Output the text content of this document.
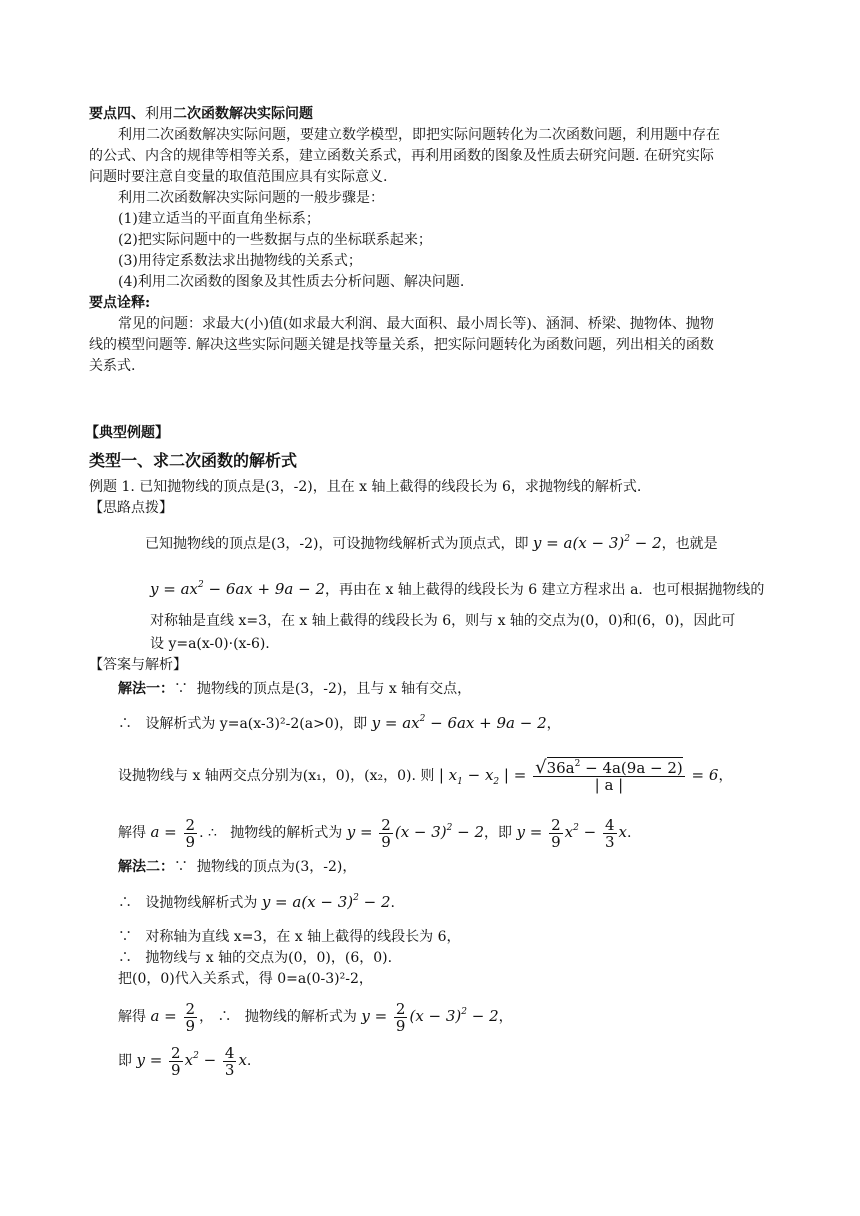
要点四、利用二次函数解决实际问题
利用二次函数解决实际问题，要建立数学模型，即把实际问题转化为二次函数问题，利用题中存在
的公式、内含的规律等相等关系，建立函数关系式，再利用函数的图象及性质去研究问题. 在研究实际
问题时要注意自变量的取值范围应具有实际意义.
利用二次函数解决实际问题的一般步骤是：
(1)建立适当的平面直角坐标系；
(2)把实际问题中的一些数据与点的坐标联系起来；
(3)用待定系数法求出抛物线的关系式；
(4)利用二次函数的图象及其性质去分析问题、解决问题.
要点诠释:
常见的问题：求最大(小)值(如求最大利润、最大面积、最小周长等)、涵洞、桥梁、抛物体、抛物
线的模型问题等. 解决这些实际问题关键是找等量关系，把实际问题转化为函数问题，列出相关的函数
关系式.
【典型例题】
类型一、求二次函数的解析式
例题 1. 已知抛物线的顶点是(3，-2)，且在 x 轴上截得的线段长为 6，求抛物线的解析式.
【思路点拨】
已知抛物线的顶点是(3，-2)，可设抛物线解析式为顶点式，即 $y = a(x - 3)^2 - 2$，也就是
$y = ax^2 - 6ax + 9a - 2$，再由在 x 轴上截得的线段长为 6 建立方程求出 a．也可根据抛物线的
对称轴是直线 x=3，在 x 轴上截得的线段长为 6，则与 x 轴的交点为(0，0)和(6，0)，因此可
设 y=a(x-0)·(x-6).
【答案与解析】
解法一：∵ 抛物线的顶点是(3，-2)，且与 x 轴有交点，
∴ 设解析式为 y=a(x-3)²-2(a>0)，即 $y = ax^2 - 6ax + 9a - 2$，
设抛物线与 x 轴两交点分别为(x₁，0)，(x₂，0). 则 | $x_1 - x_2$ | = $\frac{√36a^2 - 4a(9a - 2)}{| a |} = 6$，
解得 $a = \frac{2}{9}$ . ∴ 抛物线的解析式为 $y = \frac{2}{9} (x - 3)^2 - 2$，即 $y = \frac{2}{9} x^2 - \frac{4}{3} x$.
解法二：∵ 抛物线的顶点为(3，-2)，
∴ 设抛物线解析式为 $y = a(x - 3)^2 - 2$.
∵ 对称轴为直线 x=3，在 x 轴上截得的线段长为 6，
∴ 抛物线与 x 轴的交点为(0，0)，(6，0).
把(0，0)代入关系式，得 0=a(0-3)²-2，
解得 $a = \frac{2}{9}$ ， ∴ 抛物线的解析式为 $y = \frac{2}{9} (x - 3)^2 - 2$，
即 $y = \frac{2}{9} x^2 - \frac{4}{3} x$.
